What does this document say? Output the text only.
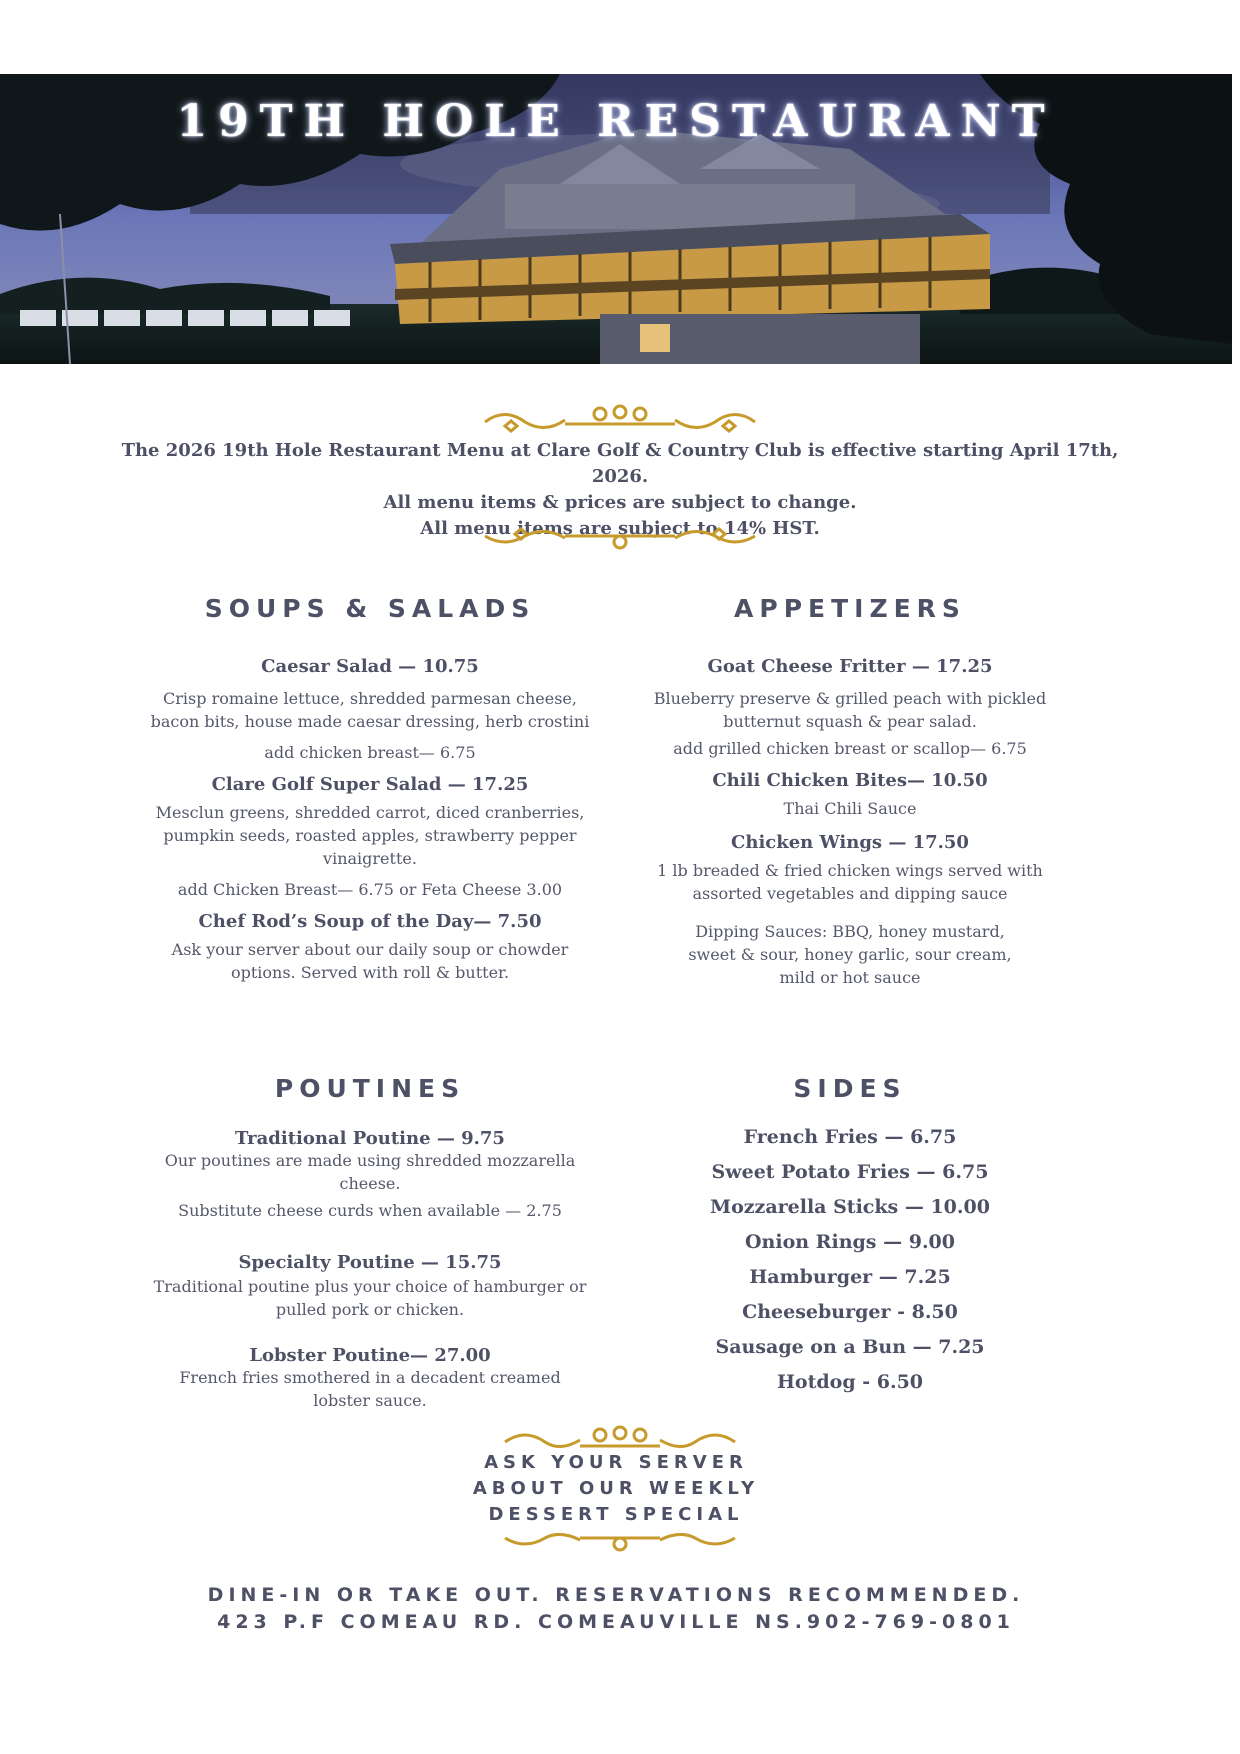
19TH HOLE RESTAURANT
The 2026 19th Hole Restaurant Menu at Clare Golf & Country Club is effective starting April 17th, 2026.
All menu items & prices are subject to change.
All menu items are subject to 14% HST.
SOUPS & SALADS
Caesar Salad — 10.75
Crisp romaine lettuce, shredded parmesan cheese,
bacon bits, house made caesar dressing, herb crostini
add chicken breast— 6.75
Clare Golf Super Salad — 17.25
Mesclun greens, shredded carrot, diced cranberries,
pumpkin seeds, roasted apples, strawberry pepper
vinaigrette.
add Chicken Breast— 6.75 or Feta Cheese 3.00
Chef Rod’s Soup of the Day— 7.50
Ask your server about our daily soup or chowder
options. Served with roll & butter.
APPETIZERS
Goat Cheese Fritter — 17.25
Blueberry preserve & grilled peach with pickled
butternut squash & pear salad.
add grilled chicken breast or scallop— 6.75
Chili Chicken Bites— 10.50
Thai Chili Sauce
Chicken Wings — 17.50
1 lb breaded & fried chicken wings served with
assorted vegetables and dipping sauce
Dipping Sauces: BBQ, honey mustard,
sweet & sour, honey garlic, sour cream,
mild or hot sauce
POUTINES
Traditional Poutine — 9.75
Our poutines are made using shredded mozzarella
cheese.
Substitute cheese curds when available — 2.75
Specialty Poutine — 15.75
Traditional poutine plus your choice of hamburger or
pulled pork or chicken.
Lobster Poutine— 27.00
French fries smothered in a decadent creamed
lobster sauce.
SIDES
French Fries — 6.75
Sweet Potato Fries — 6.75
Mozzarella Sticks — 10.00
Onion Rings — 9.00
Hamburger — 7.25
Cheeseburger - 8.50
Sausage on a Bun — 7.25
Hotdog - 6.50
ASK YOUR SERVER
ABOUT OUR WEEKLY
DESSERT SPECIAL
DINE-IN OR TAKE OUT. RESERVATIONS RECOMMENDED.
423 P.F COMEAU RD. COMEAUVILLE NS.902-769-0801
